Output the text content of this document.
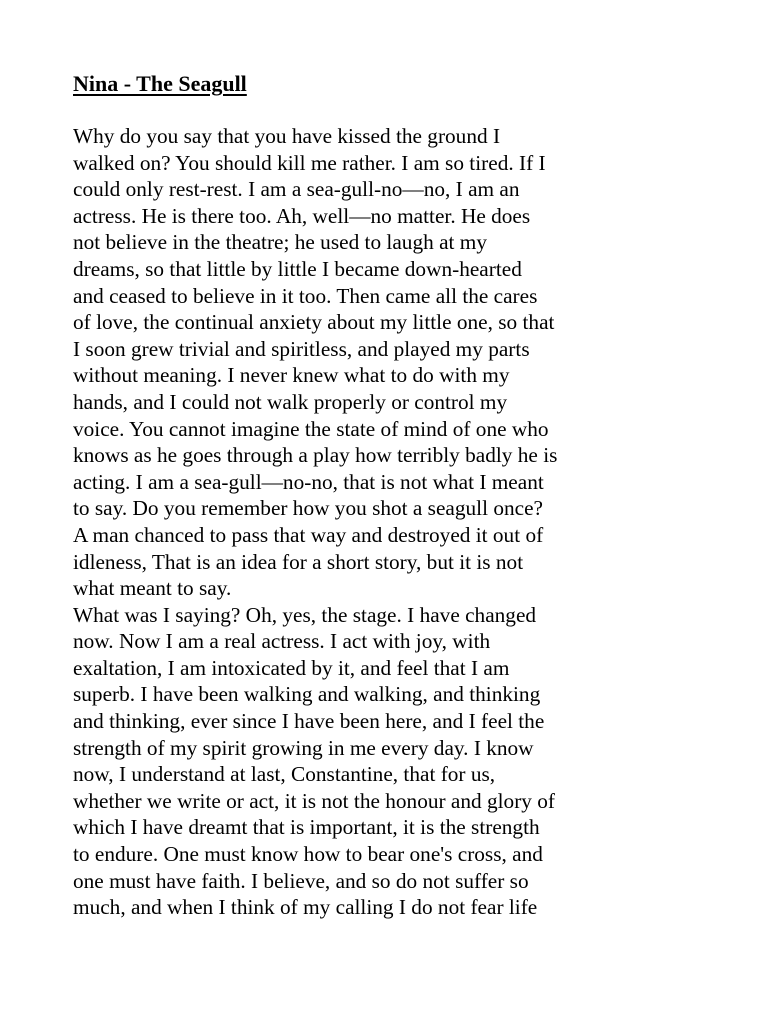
Nina - The Seagull

Why do you say that you have kissed the ground I
walked on? You should kill me rather. I am so tired. If I
could only rest-rest. I am a sea-gull-no—no, I am an
actress. He is there too. Ah, well—no matter. He does
not believe in the theatre; he used to laugh at my
dreams, so that little by little I became down-hearted
and ceased to believe in it too. Then came all the cares
of love, the continual anxiety about my little one, so that
I soon grew trivial and spiritless, and played my parts
without meaning. I never knew what to do with my
hands, and I could not walk properly or control my
voice. You cannot imagine the state of mind of one who
knows as he goes through a play how terribly badly he is
acting. I am a sea-gull—no-no, that is not what I meant
to say. Do you remember how you shot a seagull once?
A man chanced to pass that way and destroyed it out of
idleness, That is an idea for a short story, but it is not
what meant to say.

What was I saying? Oh, yes, the stage. I have changed
now. Now I am a real actress. I act with joy, with
exaltation, I am intoxicated by it, and feel that I am
superb. I have been walking and walking, and thinking
and thinking, ever since I have been here, and I feel the
strength of my spirit growing in me every day. I know
now, I understand at last, Constantine, that for us,
whether we write or act, it is not the honour and glory of
which I have dreamt that is important, it is the strength
to endure. One must know how to bear one's cross, and
one must have faith. I believe, and so do not suffer so
much, and when I think of my calling I do not fear life
